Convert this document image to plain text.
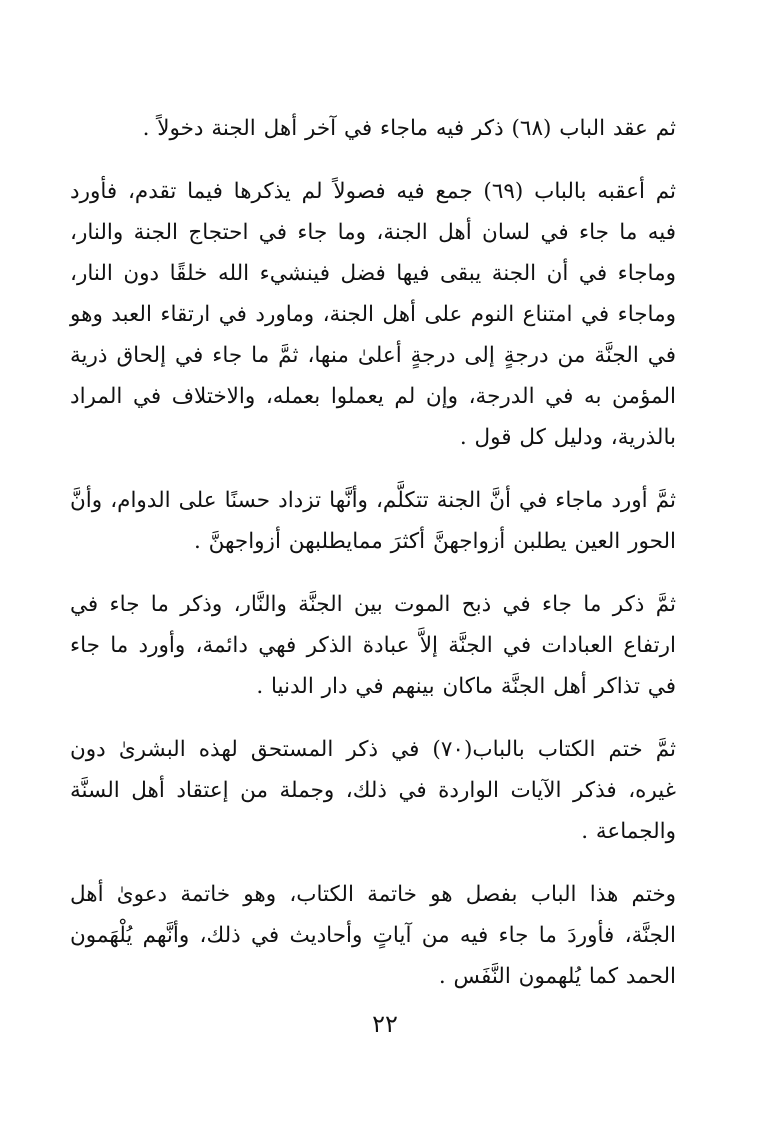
ثم عقد الباب (٦٨) ذكر فيه ماجاء في آخر أهل الجنة دخولاً .

ثم أعقبه بالباب (٦٩) جمع فيه فصولاً لم يذكرها فيما تقدم، فأورد فيه ما جاء في لسان أهل الجنة، وما جاء في احتجاج الجنة والنار، وماجاء في أن الجنة يبقى فيها فضل فينشيء الله خلقًا دون النار، وماجاء في امتناع النوم على أهل الجنة، وماورد في ارتقاء العبد وهو في الجنَّة من درجةٍ إلى درجةٍ أعلىٰ منها، ثمَّ ما جاء في إلحاق ذرية المؤمن به في الدرجة، وإن لم يعملوا بعمله، والاختلاف في المراد بالذرية، ودليل كل قول .

ثمَّ أورد ماجاء في أنَّ الجنة تتكلَّم، وأنَّها تزداد حسنًا على الدوام، وأنَّ الحور العين يطلبن أزواجهنَّ أكثرَ ممايطلبهن أزواجهنَّ .

ثمَّ ذكر ما جاء في ذبح الموت بين الجنَّة والنَّار، وذكر ما جاء في ارتفاع العبادات في الجنَّة إلاَّ عبادة الذكر فهي دائمة، وأورد ما جاء في تذاكر أهل الجنَّة ماكان بينهم في دار الدنيا .

ثمَّ ختم الكتاب بالباب(٧٠) في ذكر المستحق لهذه البشرىٰ دون غيره، فذكر الآيات الواردة في ذلك، وجملة من إعتقاد أهل السنَّة والجماعة .

وختم هذا الباب بفصل هو خاتمة الكتاب، وهو خاتمة دعوىٰ أهل الجنَّة، فأوردَ ما جاء فيه من آياتٍ وأحاديث في ذلك، وأنَّهم يُلْهَمون الحمد كما يُلهمون النَّفَس .

٢٢
